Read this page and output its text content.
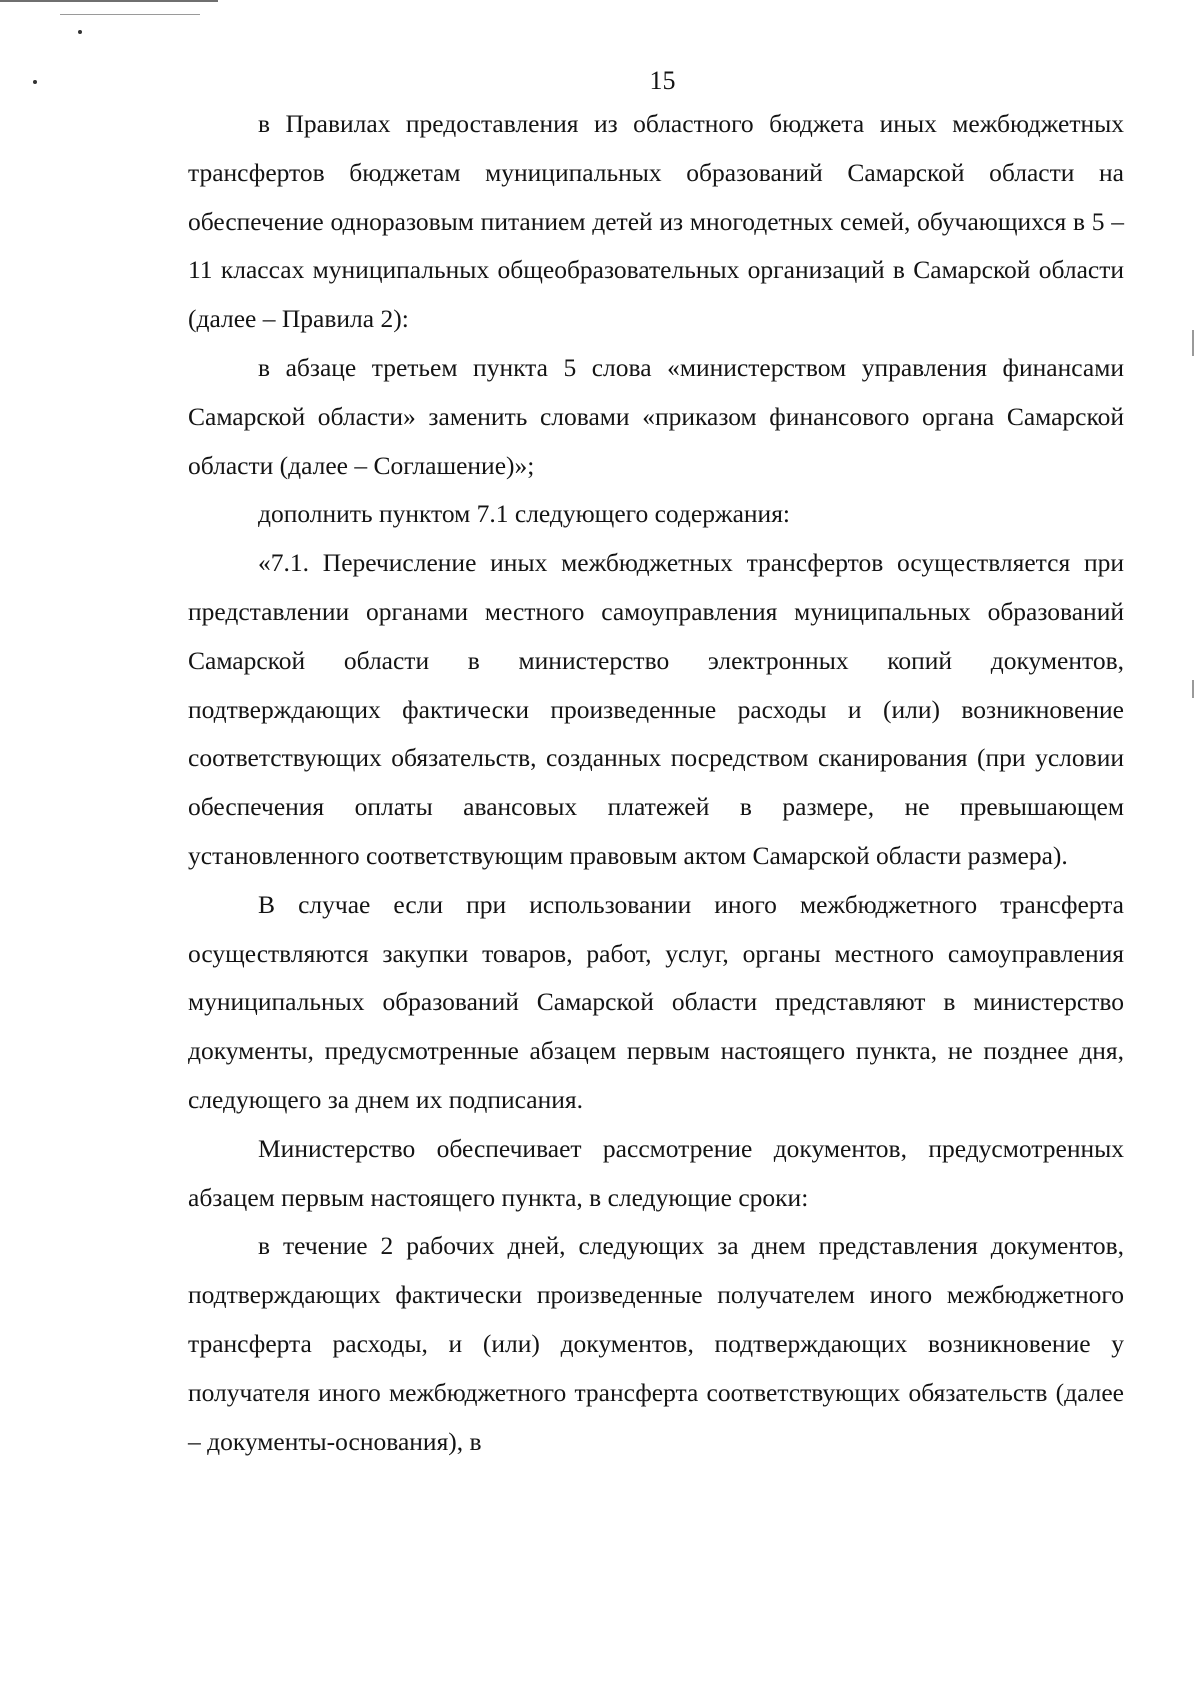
15

в Правилах предоставления из областного бюджета иных межбюджетных трансфертов бюджетам муниципальных образований Самарской области на обеспечение одноразовым питанием детей из многодетных семей, обучающихся в 5 – 11 классах муниципальных общеобразовательных организаций в Самарской области (далее – Правила 2):

в абзаце третьем пункта 5 слова «министерством управления финансами Самарской области» заменить словами «приказом финансового органа Самарской области (далее – Соглашение)»;

дополнить пунктом 7.1 следующего содержания:

«7.1. Перечисление иных межбюджетных трансфертов осуществляется при представлении органами местного самоуправления муниципальных образований Самарской области в министерство электронных копий документов, подтверждающих фактически произведенные расходы и (или) возникновение соответствующих обязательств, созданных посредством сканирования (при условии обеспечения оплаты авансовых платежей в размере, не превышающем установленного соответствующим правовым актом Самарской области размера).

В случае если при использовании иного межбюджетного трансферта осуществляются закупки товаров, работ, услуг, органы местного самоуправления муниципальных образований Самарской области представляют в министерство документы, предусмотренные абзацем первым настоящего пункта, не позднее дня, следующего за днем их подписания.

Министерство обеспечивает рассмотрение документов, предусмотренных абзацем первым настоящего пункта, в следующие сроки:

в течение 2 рабочих дней, следующих за днем представления документов, подтверждающих фактически произведенные получателем иного межбюджетного трансферта расходы, и (или) документов, подтверждающих возникновение у получателя иного межбюджетного трансферта соответствующих обязательств (далее – документы-основания), в
